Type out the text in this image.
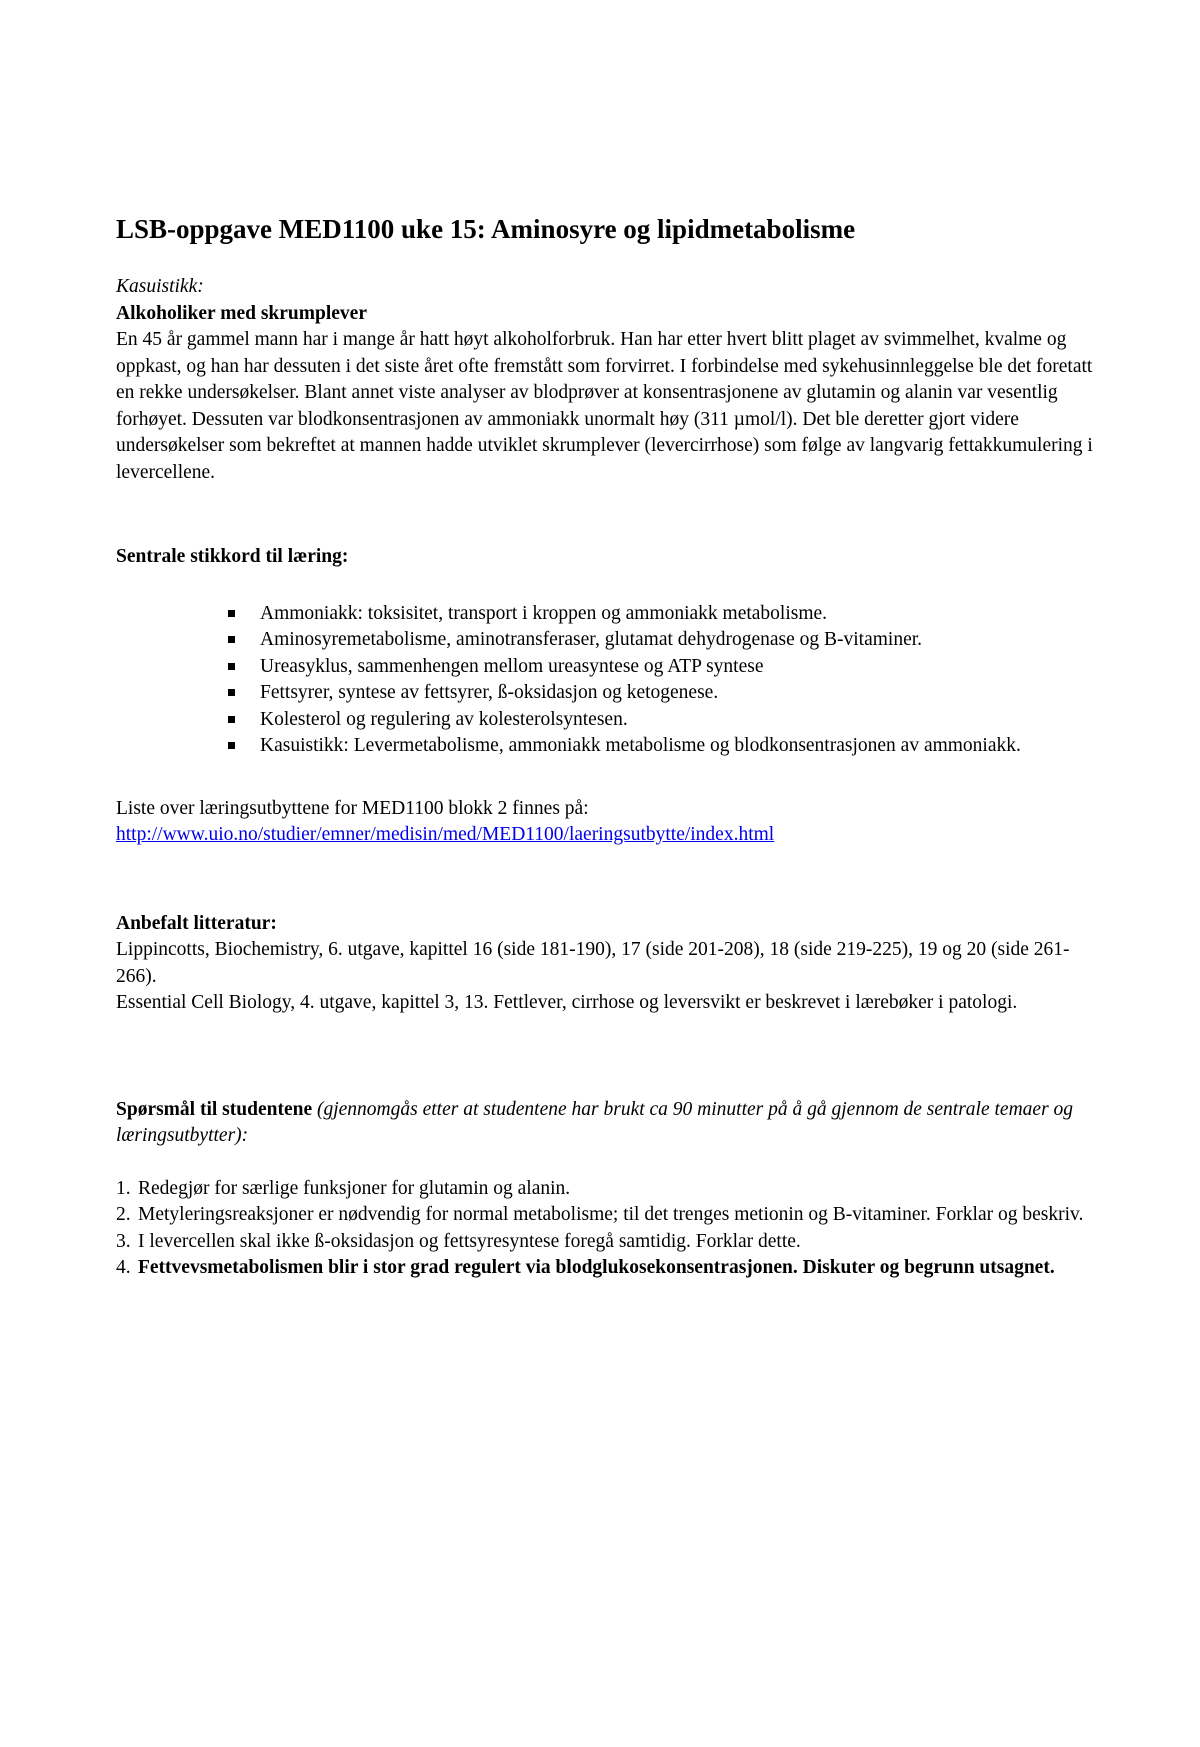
LSB-oppgave MED1100 uke 15: Aminosyre og lipidmetabolisme

Kasuistikk:

Alkoholiker med skrumplever

En 45 år gammel mann har i mange år hatt høyt alkoholforbruk. Han har etter hvert blitt plaget av svimmelhet, kvalme og oppkast, og han har dessuten i det siste året ofte fremstått som forvirret. I forbindelse med sykehusinnleggelse ble det foretatt en rekke undersøkelser. Blant annet viste analyser av blodprøver at konsentrasjonene av glutamin og alanin var vesentlig forhøyet. Dessuten var blodkonsentrasjonen av ammoniakk unormalt høy (311 µmol/l). Det ble deretter gjort videre undersøkelser som bekreftet at mannen hadde utviklet skrumplever (levercirrhose) som følge av langvarig fettakkumulering i levercellene.

Sentrale stikkord til læring:

Ammoniakk: toksisitet, transport i kroppen og ammoniakk metabolisme.
Aminosyremetabolisme, aminotransferaser, glutamat dehydrogenase og B-vitaminer.
Ureasyklus, sammenhengen mellom ureasyntese og ATP syntese
Fettsyrer, syntese av fettsyrer, ß-oksidasjon og ketogenese.
Kolesterol og regulering av kolesterolsyntesen.
Kasuistikk: Levermetabolisme, ammoniakk metabolisme og blodkonsentrasjonen av ammoniakk.
Liste over læringsutbyttene for MED1100 blokk 2 finnes på:
http://www.uio.no/studier/emner/medisin/med/MED1100/laeringsutbytte/index.html

Anbefalt litteratur:

Lippincotts, Biochemistry, 6. utgave, kapittel 16 (side 181-190), 17 (side 201-208), 18 (side 219-225), 19 og 20 (side 261-266).

Essential Cell Biology, 4. utgave, kapittel 3, 13. Fettlever, cirrhose og leversvikt er beskrevet i lærebøker i patologi.

Spørsmål til studentene (gjennomgås etter at studentene har brukt ca 90 minutter på å gå gjennom de sentrale temaer og læringsutbytter):

1. Redegjør for særlige funksjoner for glutamin og alanin.
2. Metyleringsreaksjoner er nødvendig for normal metabolisme; til det trenges metionin og B-vitaminer. Forklar og beskriv.
3. I levercellen skal ikke ß-oksidasjon og fettsyresyntese foregå samtidig. Forklar dette.
4. Fettvevsmetabolismen blir i stor grad regulert via blodglukosekonsentrasjonen. Diskuter og begrunn utsagnet.
